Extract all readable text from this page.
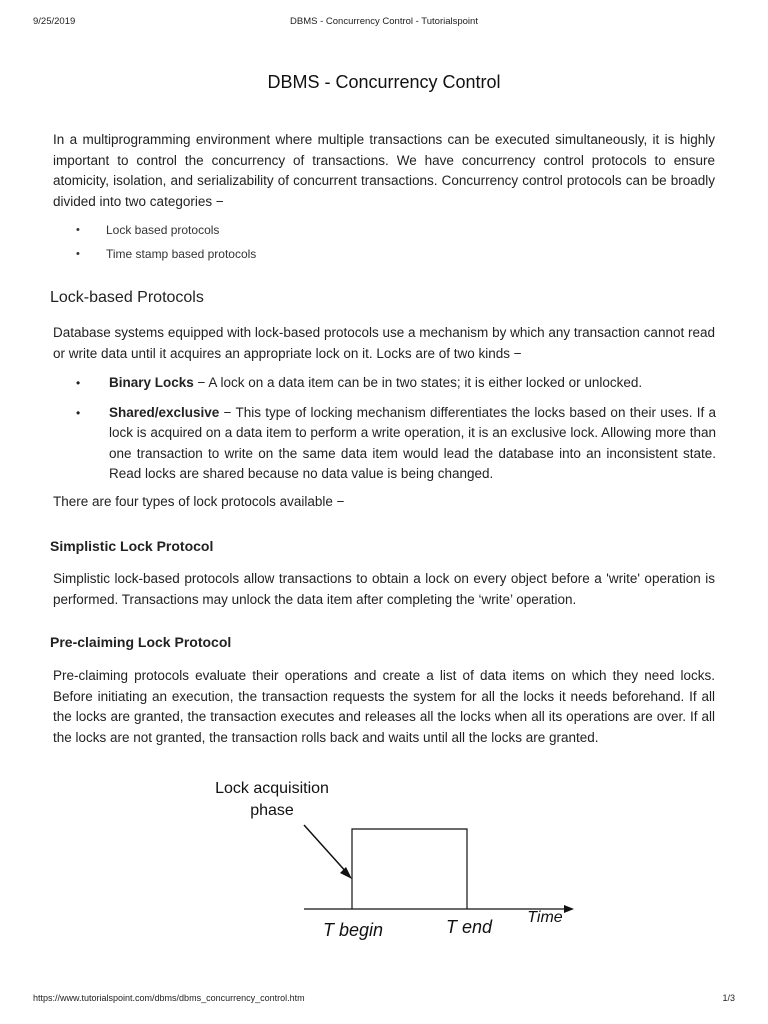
9/25/2019	DBMS - Concurrency Control - Tutorialspoint
DBMS - Concurrency Control

In a multiprogramming environment where multiple transactions can be executed simultaneously, it is highly important to control the concurrency of transactions. We have concurrency control protocols to ensure atomicity, isolation, and serializability of concurrent transactions. Concurrency control protocols can be broadly divided into two categories −

• Lock based protocols
• Time stamp based protocols
Lock-based Protocols

Database systems equipped with lock-based protocols use a mechanism by which any transaction cannot read or write data until it acquires an appropriate lock on it. Locks are of two kinds −

• Binary Locks − A lock on a data item can be in two states; it is either locked or unlocked.
• Shared/exclusive − This type of locking mechanism differentiates the locks based on their uses. If a lock is acquired on a data item to perform a write operation, it is an exclusive lock. Allowing more than one transaction to write on the same data item would lead the database into an inconsistent state. Read locks are shared because no data value is being changed.

There are four types of lock protocols available −

Simplistic Lock Protocol

Simplistic lock-based protocols allow transactions to obtain a lock on every object before a 'write' operation is performed. Transactions may unlock the data item after completing the ‘write’ operation.

Pre-claiming Lock Protocol

Pre-claiming protocols evaluate their operations and create a list of data items on which they need locks. Before initiating an execution, the transaction requests the system for all the locks it needs beforehand. If all the locks are granted, the transaction executes and releases all the locks when all its operations are over. If all the locks are not granted, the transaction rolls back and waits until all the locks are granted.

Lock acquisition
phase
T begin	T end Time
https://www.tutorialspoint.com/dbms/dbms_concurrency_control.htm	1/3
